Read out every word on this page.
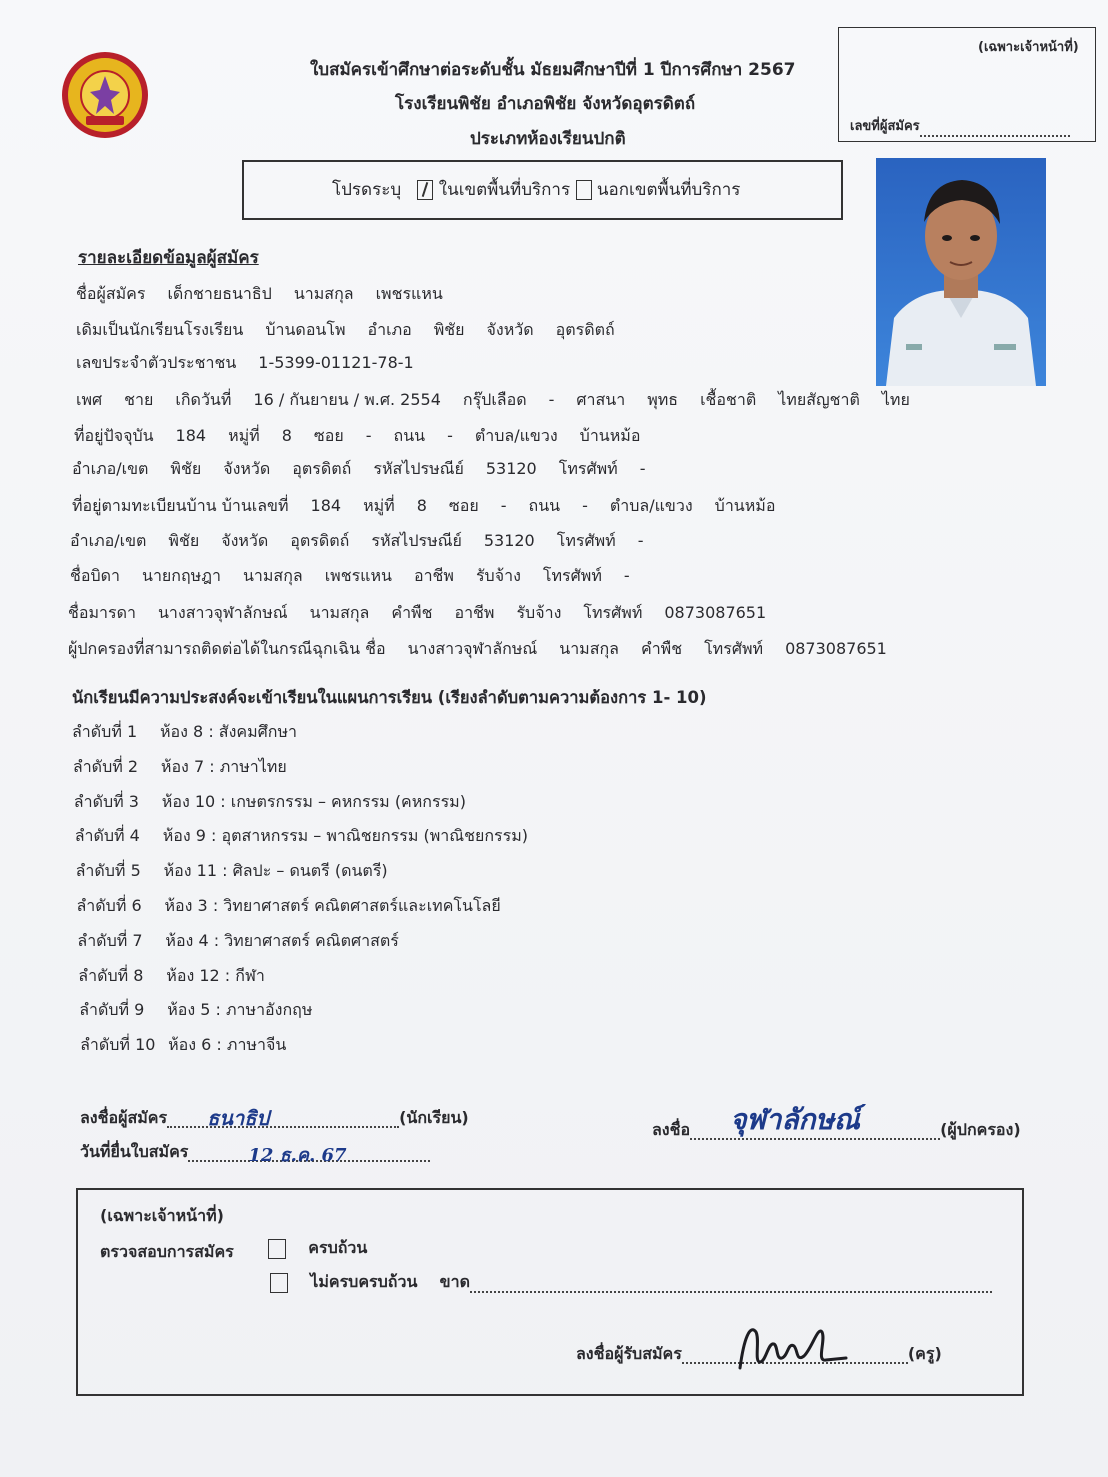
ใบสมัครเข้าศึกษาต่อระดับชั้น มัธยมศึกษาปีที่ 1 ปีการศึกษา 2567
โรงเรียนพิชัย อำเภอพิชัย จังหวัดอุตรดิตถ์
ประเภทห้องเรียนปกติ
(เฉพาะเจ้าหน้าที่)
เลขที่ผู้สมัคร
โปรดระบุ ในเขตพื้นที่บริการ นอกเขตพื้นที่บริการ
รายละเอียดข้อมูลผู้สมัคร
ชื่อผู้สมัคร เด็กชายธนาธิป นามสกุล เพชรแหน
เดิมเป็นนักเรียนโรงเรียน บ้านดอนโพ อำเภอ พิชัย จังหวัด อุตรดิตถ์
เลขประจำตัวประชาชน 1-5399-01121-78-1
เพศ ชาย เกิดวันที่ 16 / กันยายน / พ.ศ. 2554 กรุ๊ปเลือด - ศาสนา พุทธ เชื้อชาติ ไทยสัญชาติ ไทย
ที่อยู่ปัจจุบัน 184 หมู่ที่ 8 ซอย - ถนน - ตำบล/แขวง บ้านหม้อ
อำเภอ/เขต พิชัย จังหวัด อุตรดิตถ์ รหัสไปรษณีย์ 53120 โทรศัพท์ -
ที่อยู่ตามทะเบียนบ้าน บ้านเลขที่ 184 หมู่ที่ 8 ซอย - ถนน - ตำบล/แขวง บ้านหม้อ
อำเภอ/เขต พิชัย จังหวัด อุตรดิตถ์ รหัสไปรษณีย์ 53120 โทรศัพท์ -
ชื่อบิดา นายกฤษฎา นามสกุล เพชรแหน อาชีพ รับจ้าง โทรศัพท์ -
ชื่อมารดา นางสาวจุฬาลักษณ์ นามสกุล คำพืช อาชีพ รับจ้าง โทรศัพท์ 0873087651
ผู้ปกครองที่สามารถติดต่อได้ในกรณีฉุกเฉิน ชื่อ นางสาวจุฬาลักษณ์ นามสกุล คำพืช โทรศัพท์ 0873087651
นักเรียนมีความประสงค์จะเข้าเรียนในแผนการเรียน (เรียงลำดับตามความต้องการ 1- 10)
ลำดับที่ 1 ห้อง 8 : สังคมศึกษา
ลำดับที่ 2 ห้อง 7 : ภาษาไทย
ลำดับที่ 3 ห้อง 10 : เกษตรกรรม – คหกรรม (คหกรรม)
ลำดับที่ 4 ห้อง 9 : อุตสาหกรรม – พาณิชยกรรม (พาณิชยกรรม)
ลำดับที่ 5 ห้อง 11 : ศิลปะ – ดนตรี (ดนตรี)
ลำดับที่ 6 ห้อง 3 : วิทยาศาสตร์ คณิตศาสตร์และเทคโนโลยี
ลำดับที่ 7 ห้อง 4 : วิทยาศาสตร์ คณิตศาสตร์
ลำดับที่ 8 ห้อง 12 : กีฬา
ลำดับที่ 9 ห้อง 5 : ภาษาอังกฤษ
ลำดับที่ 10 ห้อง 6 : ภาษาจีน
ลงชื่อผู้สมัคร ธนาธิป	(นักเรียน)
วันที่ยื่นใบสมัคร	12 ธ.ค. 67
ลงชื่อ จุฬาลักษณ์	(ผู้ปกครอง)
(เฉพาะเจ้าหน้าที่)
ตรวจสอบการสมัคร	ครบถ้วน
ไม่ครบครบถ้วน ขาด
ลงชื่อผู้รับสมัคร	(ครู)
